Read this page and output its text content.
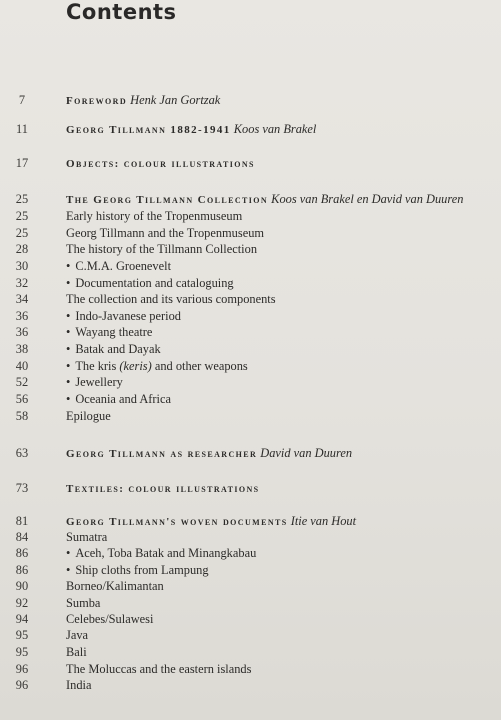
Contents
7	Foreword Henk Jan Gortzak
11	Georg Tillmann 1882-1941 Koos van Brakel
17	Objects: colour illustrations
25	The Georg Tillmann Collection Koos van Brakel en David van Duuren
25	Early history of the Tropenmuseum
25	Georg Tillmann and the Tropenmuseum
28	The history of the Tillmann Collection
30	• C.M.A. Groenevelt
32	• Documentation and cataloguing
34	The collection and its various components
36	• Indo-Javanese period
36	• Wayang theatre
38	• Batak and Dayak
40	• The kris (keris) and other weapons
52	• Jewellery
56	• Oceania and Africa
58	Epilogue
63	Georg Tillmann as researcher David van Duuren
73	Textiles: colour illustrations
81	Georg Tillmann's woven documents Itie van Hout
84	Sumatra
86	• Aceh, Toba Batak and Minangkabau
86	• Ship cloths from Lampung
90	Borneo/Kalimantan
92	Sumba
94	Celebes/Sulawesi
95	Java
95	Bali
96	The Moluccas and the eastern islands
96	India
